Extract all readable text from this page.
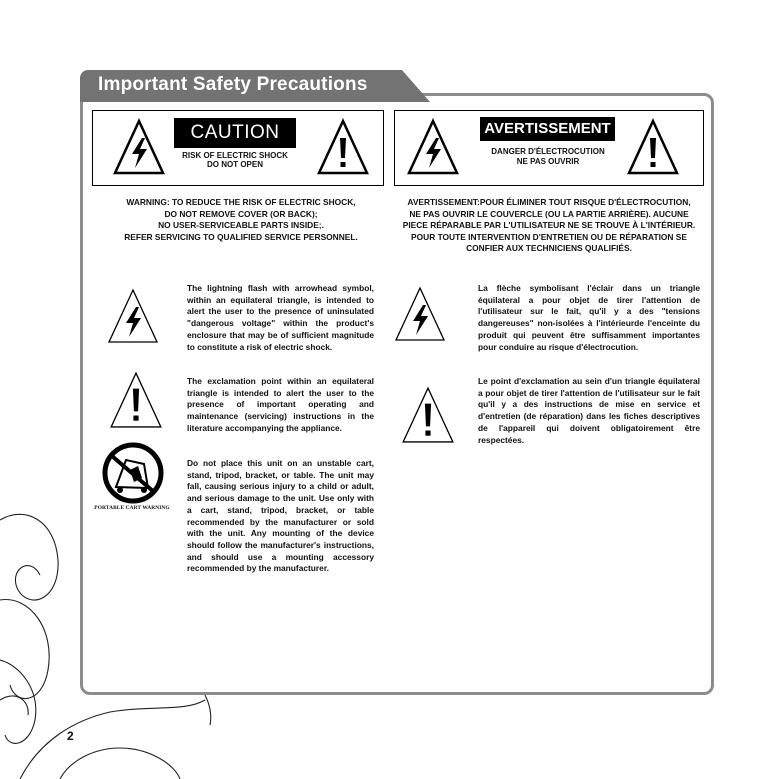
Important Safety Precautions
CAUTION
RISK OF ELECTRIC SHOCK
DO NOT OPEN
AVERTISSEMENT
DANGER D'ÉLECTROCUTION
NE PAS OUVRIR
WARNING: TO REDUCE THE RISK OF ELECTRIC SHOCK,
DO NOT REMOVE COVER (OR BACK);
NO USER-SERVICEABLE PARTS INSIDE;.
REFER SERVICING TO QUALIFIED SERVICE PERSONNEL.
AVERTISSEMENT:POUR ÉLIMINER TOUT RISQUE D'ÉLECTROCUTION,
NE PAS OUVRIR LE COUVERCLE (OU LA PARTIE ARRIÈRE). AUCUNE
PIECE RÉPARABLE PAR L'UTILISATEUR NE SE TROUVE À L'INTÉRIEUR.
POUR TOUTE INTERVENTION D'ENTRETIEN OU DE RÉPARATION SE
CONFIER AUX TECHNICIENS QUALIFIÉS.
The lightning flash with arrowhead symbol, within an equilateral triangle, is intended to alert the user to the presence of uninsulated "dangerous voltage" within the product's enclosure that may be of sufficient magnitude to constitute a risk of electric shock.
The exclamation point within an equilateral triangle is intended to alert the user to the presence of important operating and maintenance (servicing) instructions in the literature accompanying the appliance.
PORTABLE CART WARNING
Do not place this unit on an unstable cart, stand, tripod, bracket, or table. The unit may fall, causing serious injury to a child or adult, and serious damage to the unit. Use only with a cart, stand, tripod, bracket, or table recommended by the manufacturer or sold with the unit. Any mounting of the device should follow the manufacturer's instructions, and should use a mounting accessory recommended by the manufacturer.
La flèche symbolisant l'éclair dans un triangle équilateral a pour objet de tirer l'attention de l'utilisateur sur le fait, qu'il y a des "tensions dangereuses" non-isolées à l'intérieurde l'enceinte du produit qui peuvent être suffisamment importantes pour conduire au risque d'électrocution.
Le point d'exclamation au sein d'un triangle équilateral a pour objet de tirer l'attention de l'utilisateur sur le fait qu'il y a des instructions de mise en service et d'entretien (de réparation) dans les fiches descriptives de l'appareil qui doivent obligatoirement être respectées.
2
